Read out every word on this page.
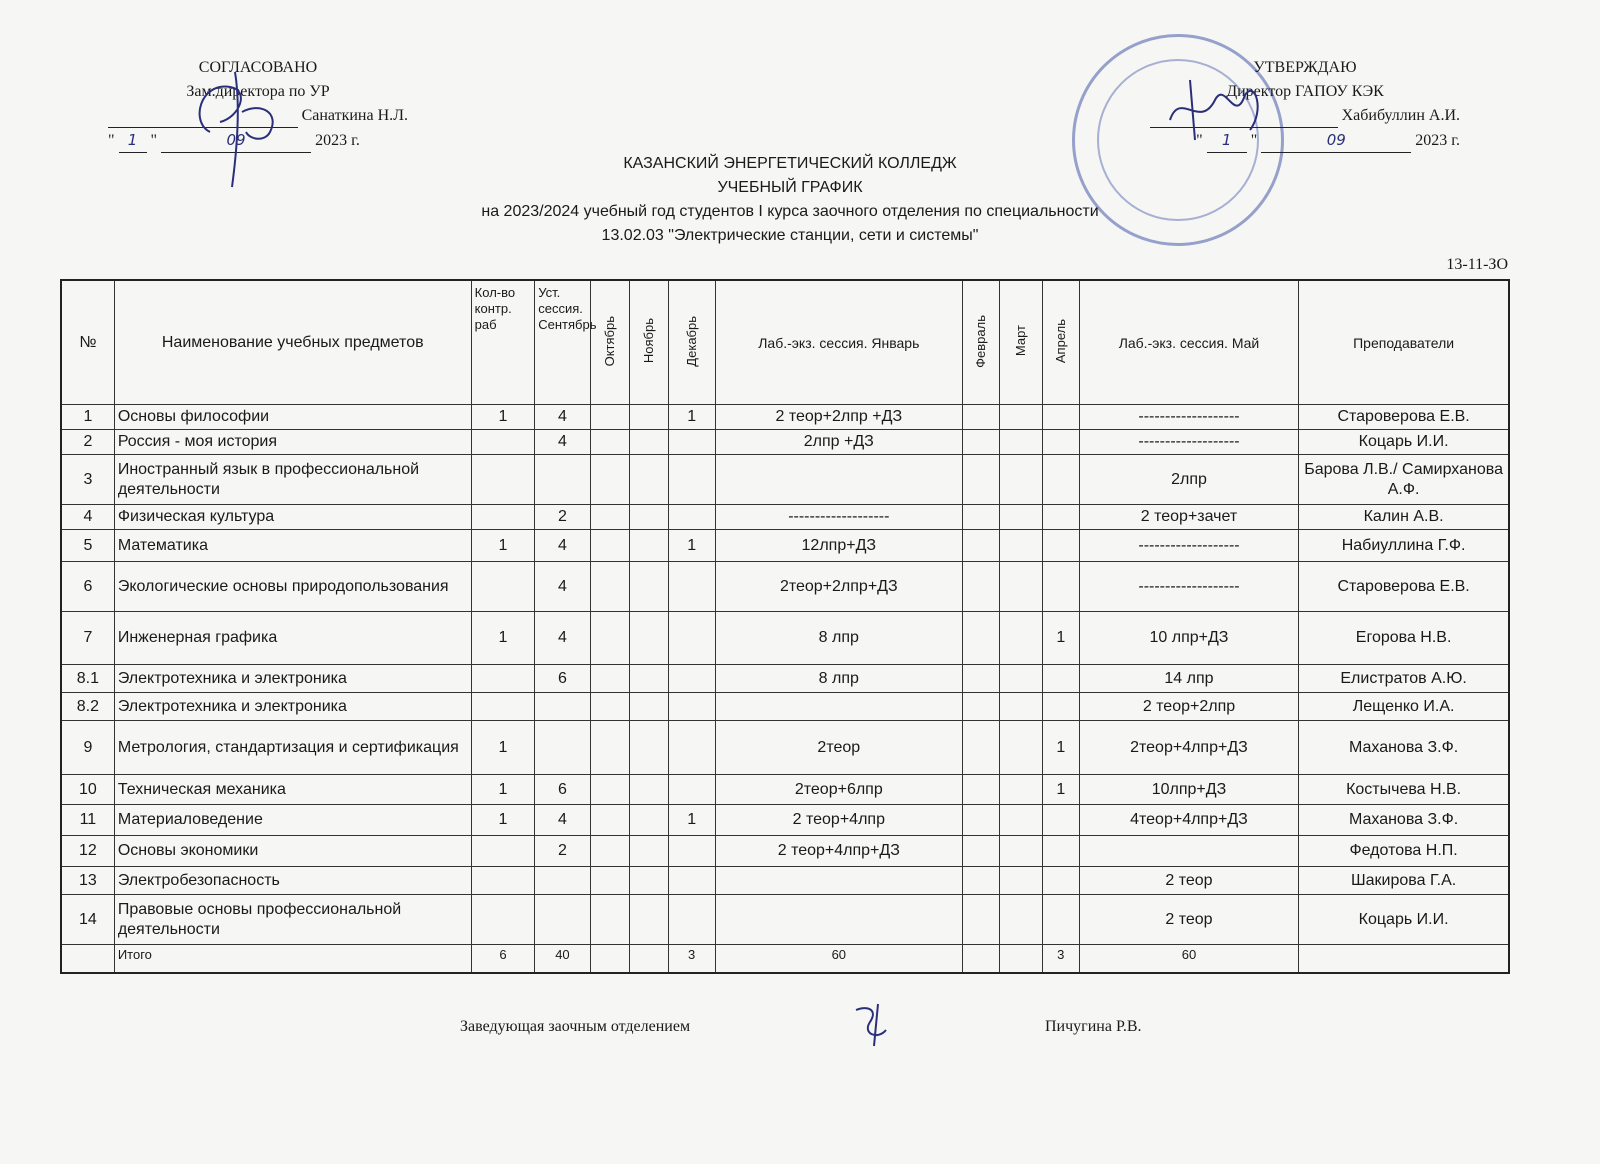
СОГЛАСОВАНО
Зам.директора по УР
Санаткина Н.Л.
" 1 "	09	2023 г.
УТВЕРЖДАЮ
Директор ГАПОУ КЭК
Хабибуллин А.И.
"	1	"	09	2023 г.
КАЗАНСКИЙ ЭНЕРГЕТИЧЕСКИЙ КОЛЛЕДЖ
УЧЕБНЫЙ ГРАФИК
на 2023/2024 учебный год студентов I курса заочного отделения по специальности
13.02.03 "Электрические станции, сети и системы"
13-11-ЗО
№	Наименование учебных предметов	Кол-во контр. раб	Уст. сессия. Сентябрь	Октябрь	Ноябрь	Декабрь	Лаб.-экз. сессия. Январь	Февраль	Март	Апрель	Лаб.-экз. сессия. Май	Преподаватели
1	Основы философии	1	4			1	2 теор+2лпр +ДЗ				-------------------	Староверова Е.В.
2	Россия - моя история		4				2лпр +ДЗ				-------------------	Коцарь И.И.
3	Иностранный язык в профессиональной деятельности										2лпр	Барова Л.В./ Самирханова А.Ф.
4	Физическая культура		2				-------------------				2 теор+зачет	Калин А.В.
5	Математика	1	4			1	12лпр+ДЗ				-------------------	Набиуллина Г.Ф.
6	Экологические основы природопользования		4				2теор+2лпр+ДЗ				-------------------	Староверова Е.В.
7	Инженерная графика	1	4				8 лпр			1	10 лпр+ДЗ	Егорова Н.В.
8.1	Электротехника и электроника		6				8 лпр				14 лпр	Елистратов А.Ю.
8.2	Электротехника и электроника										2 теор+2лпр	Лещенко И.А.
9	Метрология, стандартизация и сертификация	1					2теор			1	2теор+4лпр+ДЗ	Маханова З.Ф.
10	Техническая механика	1	6				2теор+6лпр			1	10лпр+ДЗ	Костычева Н.В.
11	Материаловедение	1	4			1	2 теор+4лпр				4теор+4лпр+ДЗ	Маханова З.Ф.
12	Основы экономики		2				2 теор+4лпр+ДЗ					Федотова Н.П.
13	Электробезопасность										2 теор	Шакирова Г.А.
14	Правовые основы профессиональной деятельности										2 теор	Коцарь И.И.
	Итого	6	40			3	60			3	60	
Заведующая заочным отделением	Пичугина Р.В.
